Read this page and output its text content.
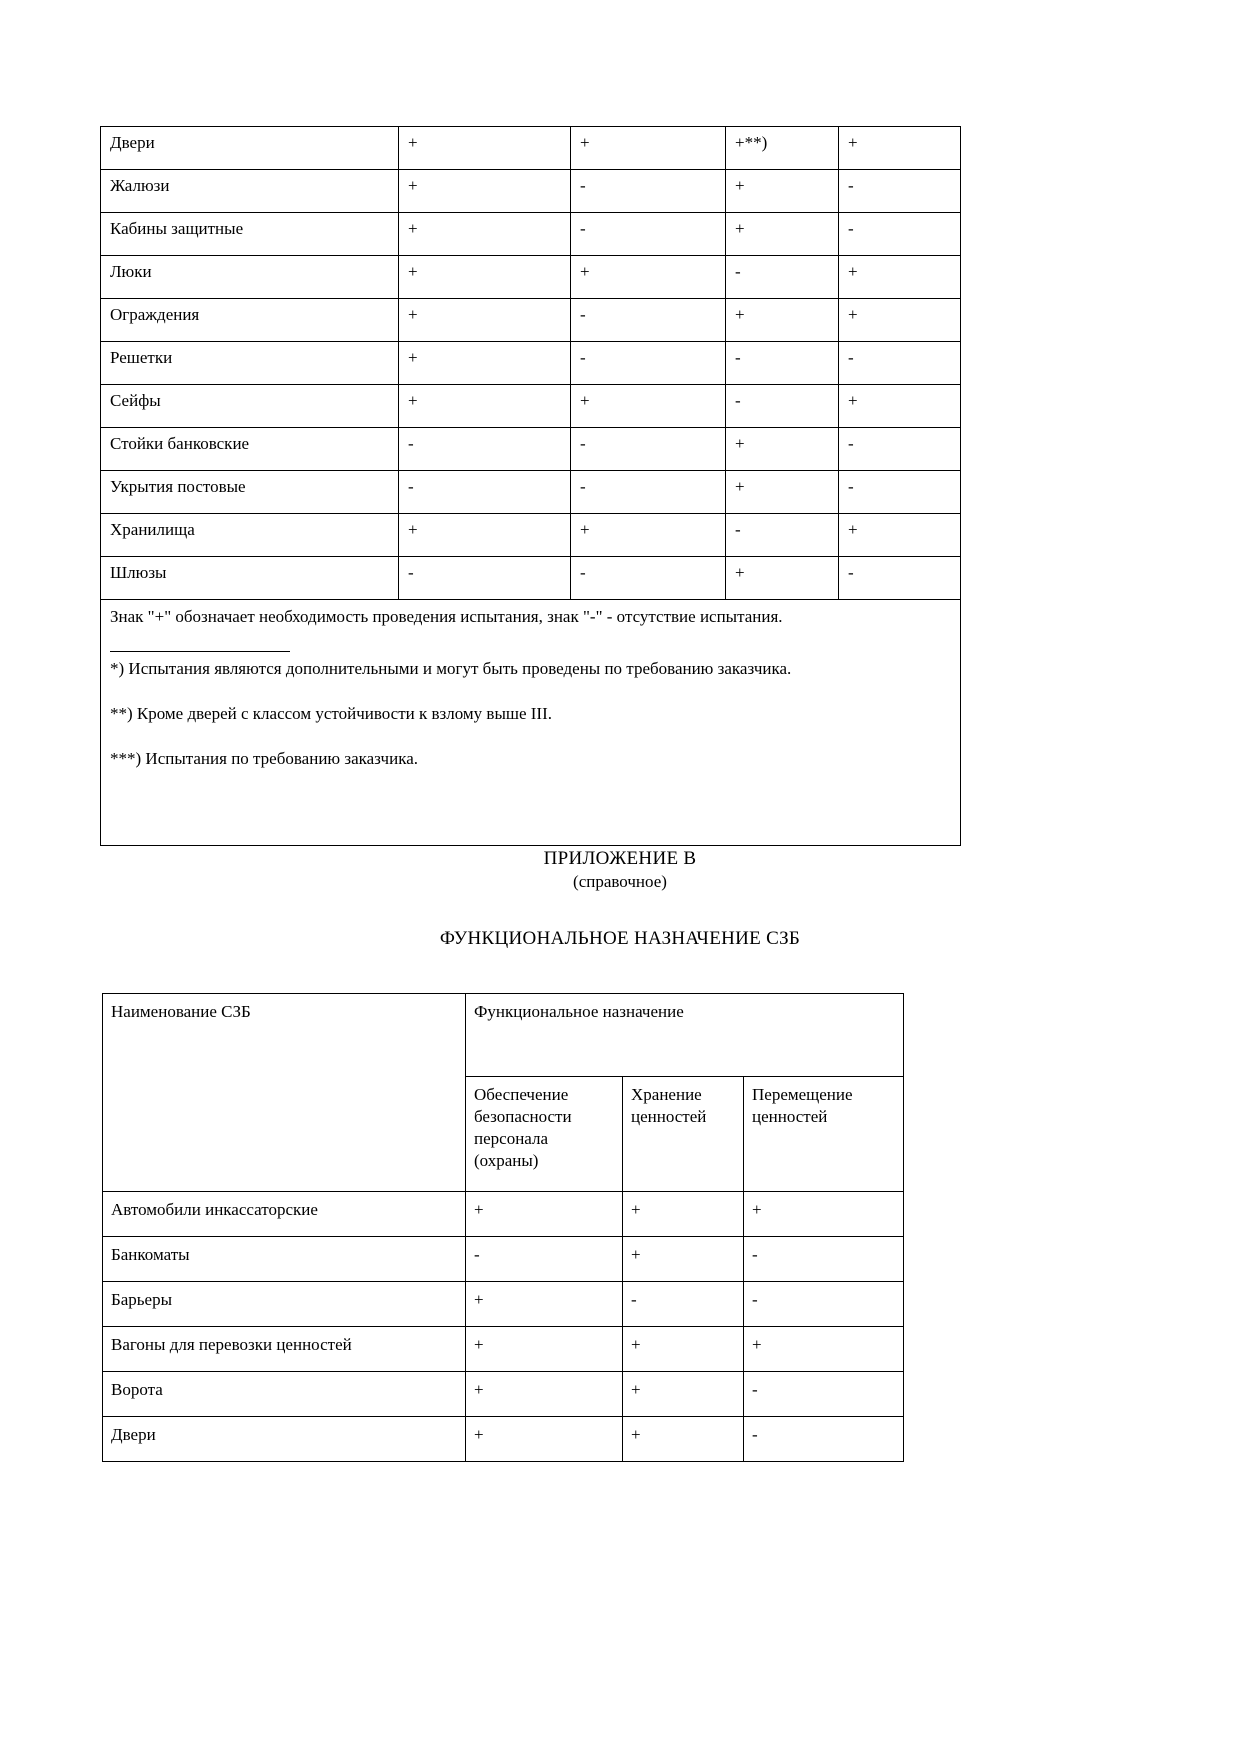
Двери	+	+	+**)	+
Жалюзи	+	-	+	-
Кабины защитные	+	-	+	-
Люки	+	+	-	+
Ограждения	+	-	+	+
Решетки	+	-	-	-
Сейфы	+	+	-	+
Стойки банковские	-	-	+	-
Укрытия постовые	-	-	+	-
Хранилища	+	+	-	+
Шлюзы	-	-	+	-

Знак "+" обозначает необходимость проведения испытания, знак "-" - отсутствие испытания.
*) Испытания являются дополнительными и могут быть проведены по требованию заказчика.
**) Кроме дверей с классом устойчивости к взлому выше III.
***) Испытания по требованию заказчика.				
ПРИЛОЖЕНИЕ В
(справочное)
ФУНКЦИОНАЛЬНОЕ НАЗНАЧЕНИЕ СЗБ
Наименование СЗБ	Функциональное назначение		
	Обеспечение безопасности персонала (охраны)	Хранение ценностей	Перемещение ценностей
Автомобили инкассаторские	+	+	+
Банкоматы	-	+	-
Барьеры	+	-	-
Вагоны для перевозки ценностей	+	+	+
Ворота	+	+	-
Двери	+	+	-
